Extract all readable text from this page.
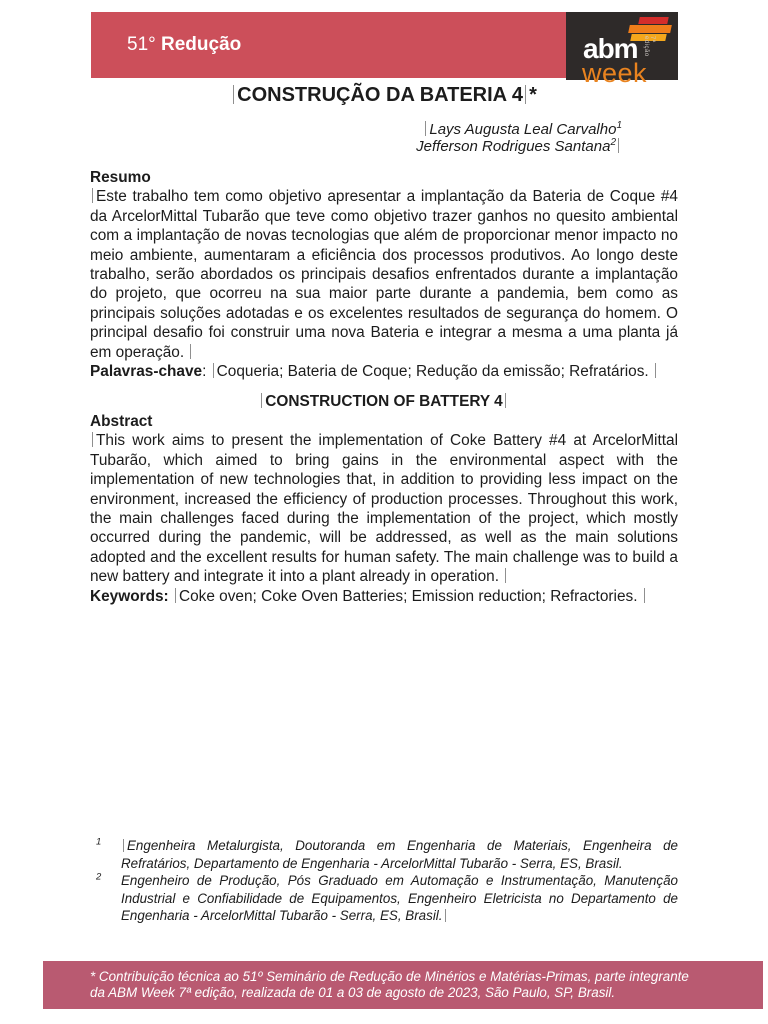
51° Redução	abm	7ª edição
week
CONSTRUÇÃO DA BATERIA 4 *
Lays Augusta Leal Carvalho$^1$
Jefferson Rodrigues Santana$^2$

Resumo

Este trabalho tem como objetivo apresentar a implantação da Bateria de Coque #4 da ArcelorMittal Tubarão que teve como objetivo trazer ganhos no quesito ambiental com a implantação de novas tecnologias que além de proporcionar menor impacto no meio ambiente, aumentaram a eficiência dos processos produtivos. Ao longo deste trabalho, serão abordados os principais desafios enfrentados durante a implantação do projeto, que ocorreu na sua maior parte durante a pandemia, bem como as principais soluções adotadas e os excelentes resultados de segurança do homem. O principal desafio foi construir uma nova Bateria e integrar a mesma a uma planta já em operação.

Palavras-chave: Coqueria; Bateria de Coque; Redução da emissão; Refratários.

CONSTRUCTION OF BATTERY 4

Abstract

This work aims to present the implementation of Coke Battery #4 at ArcelorMittal Tubarão, which aimed to bring gains in the environmental aspect with the implementation of new technologies that, in addition to providing less impact on the environment, increased the efficiency of production processes. Throughout this work, the main challenges faced during the implementation of the project, which mostly occurred during the pandemic, will be addressed, as well as the main solutions adopted and the excellent results for human safety. The main challenge was to build a new battery and integrate it into a plant already in operation.

Keywords: Coke oven; Coke Oven Batteries; Emission reduction; Refractories.

$^1$	Engenheira Metalurgista, Doutoranda em Engenharia de Materiais, Engenheira de Refratários, Departamento de Engenharia - ArcelorMittal Tubarão - Serra, ES, Brasil.
$^2$	Engenheiro de Produção, Pós Graduado em Automação e Instrumentação, Manutenção Industrial e Confiabilidade de Equipamentos, Engenheiro Eletricista no Departamento de Engenharia - ArcelorMittal Tubarão - Serra, ES, Brasil.
* Contribuição técnica ao 51º Seminário de Redução de Minérios e Matérias-Primas, parte integrante
da ABM Week 7ª edição, realizada de 01 a 03 de agosto de 2023, São Paulo, SP, Brasil.
